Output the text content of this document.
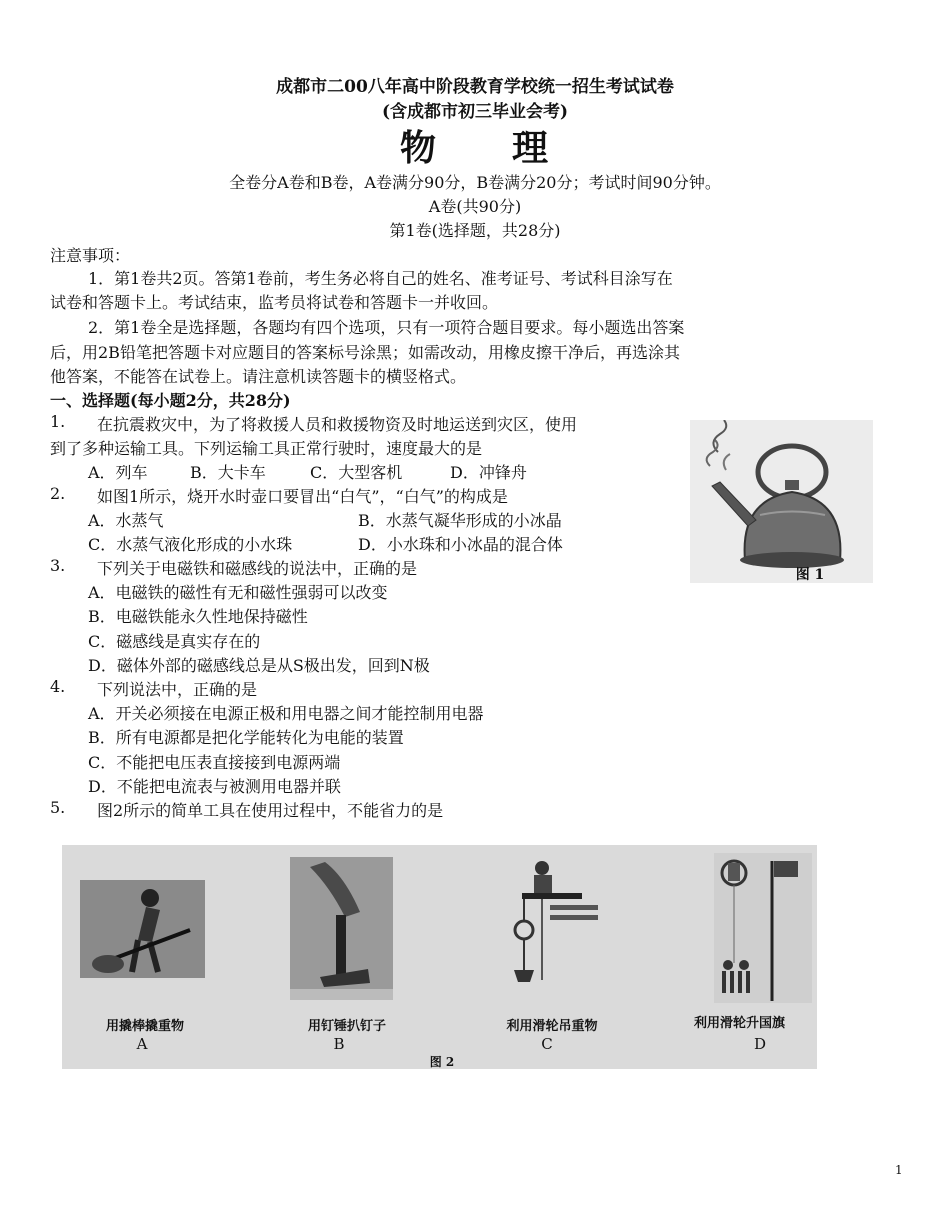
成都市二00八年高中阶段教育学校统一招生考试试卷
(含成都市初三毕业会考)
物 理
全卷分A卷和B卷，A卷满分90分，B卷满分20分；考试时间90分钟。
A卷(共90分)
第1卷(选择题，共28分)
注意事项：
1．第1卷共2页。答第1卷前，考生务必将自己的姓名、准考证号、考试科目涂写在
试卷和答题卡上。考试结束，监考员将试卷和答题卡一并收回。
2．第1卷全是选择题，各题均有四个选项，只有一项符合题目要求。每小题选出答案
后，用2B铅笔把答题卡对应题目的答案标号涂黑；如需改动，用橡皮擦干净后，再选涂其
他答案，不能答在试卷上。请注意机读答题卡的横竖格式。
一、选择题(每小题2分，共28分)
1. 在抗震救灾中，为了将救援人员和救援物资及时地运送到灾区，使用
到了多种运输工具。下列运输工具正常行驶时，速度最大的是
A．列车	B．大卡车	C．大型客机	D．冲锋舟
2. 如图1所示，烧开水时壶口要冒出“白气”，“白气”的构成是
A．水蒸气	B．水蒸气凝华形成的小冰晶
C．水蒸气液化形成的小水珠	D．小水珠和小冰晶的混合体
3. 下列关于电磁铁和磁感线的说法中，正确的是
A．电磁铁的磁性有无和磁性强弱可以改变
B．电磁铁能永久性地保持磁性
C．磁感线是真实存在的
D．磁体外部的磁感线总是从S极出发，回到N极
4. 下列说法中，正确的是
A．开关必须接在电源正极和用电器之间才能控制用电器
B．所有电源都是把化学能转化为电能的装置
C．不能把电压表直接接到电源两端
D．不能把电流表与被测用电器并联
5. 图2所示的简单工具在使用过程中，不能省力的是
图 1
用撬棒撬重物
A
用钉锤扒钉子
B
利用滑轮吊重物
C
利用滑轮升国旗
D
图 2
1
